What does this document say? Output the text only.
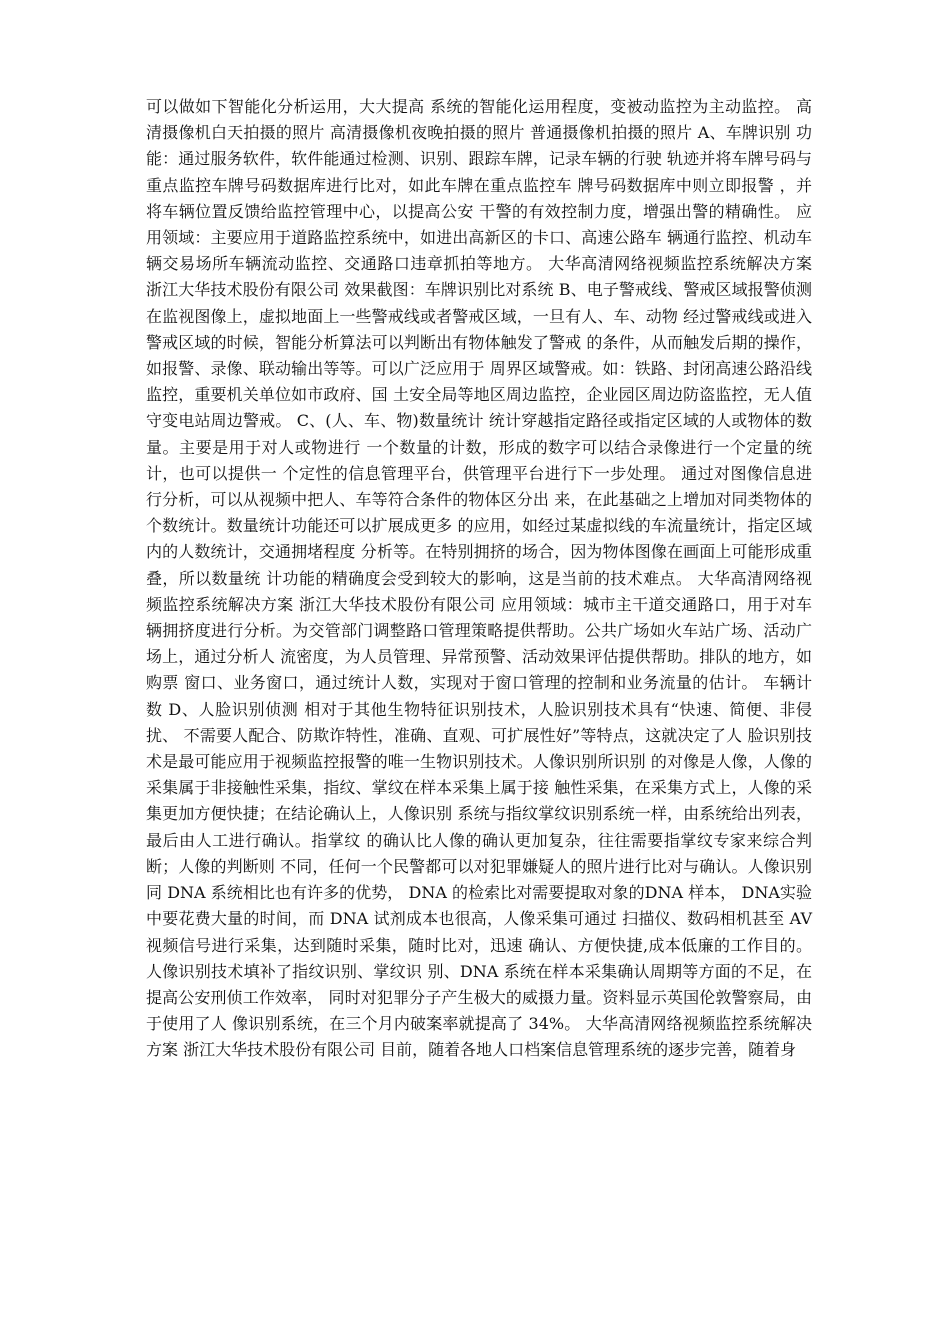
可以做如下智能化分析运用，大大提高 系统的智能化运用程度，变被动监控为主动监控。 高清摄像机白天拍摄的照片 高清摄像机夜晚拍摄的照片 普通摄像机拍摄的照片 A、车牌识别 功能：通过服务软件，软件能通过检测、识别、跟踪车牌，记录车辆的行驶 轨迹并将车牌号码与重点监控车牌号码数据库进行比对，如此车牌在重点监控车 牌号码数据库中则立即报警 ，并将车辆位置反馈给监控管理中心，以提高公安 干警的有效控制力度，增强出警的精确性。 应用领域：主要应用于道路监控系统中，如进出高新区的卡口、高速公路车 辆通行监控、机动车辆交易场所车辆流动监控、交通路口违章抓拍等地方。 大华高清网络视频监控系统解决方案 浙江大华技术股份有限公司 效果截图：车牌识别比对系统 B、电子警戒线、警戒区域报警侦测 在监视图像上，虚拟地面上一些警戒线或者警戒区域，一旦有人、车、动物 经过警戒线或进入警戒区域的时候，智能分析算法可以判断出有物体触发了警戒 的条件，从而触发后期的操作，如报警、录像、联动输出等等。可以广泛应用于 周界区域警戒。如：铁路、封闭高速公路沿线监控，重要机关单位如市政府、国 土安全局等地区周边监控，企业园区周边防盗监控，无人值守变电站周边警戒。 C、(人、车、物)数量统计 统计穿越指定路径或指定区域的人或物体的数量。主要是用于对人或物进行 一个数量的计数，形成的数字可以结合录像进行一个定量的统计，也可以提供一 个定性的信息管理平台，供管理平台进行下一步处理。 通过对图像信息进行分析，可以从视频中把人、车等符合条件的物体区分出 来，在此基础之上增加对同类物体的个数统计。数量统计功能还可以扩展成更多 的应用，如经过某虚拟线的车流量统计，指定区域内的人数统计，交通拥堵程度 分析等。在特别拥挤的场合，因为物体图像在画面上可能形成重叠，所以数量统 计功能的精确度会受到较大的影响，这是当前的技术难点。 大华高清网络视频监控系统解决方案 浙江大华技术股份有限公司 应用领域：城市主干道交通路口，用于对车辆拥挤度进行分析。为交管部门调整路口管理策略提供帮助。公共广场如火车站广场、活动广场上，通过分析人 流密度，为人员管理、异常预警、活动效果评估提供帮助。排队的地方，如购票 窗口、业务窗口，通过统计人数，实现对于窗口管理的控制和业务流量的估计。 车辆计数 D、人脸识别侦测 相对于其他生物特征识别技术，人脸识别技术具有“快速、简便、非侵扰、 不需要人配合、防欺诈特性，准确、直观、可扩展性好”等特点，这就决定了人 脸识别技术是最可能应用于视频监控报警的唯一生物识别技术。人像识别所识别 的对像是人像，人像的采集属于非接触性采集，指纹、掌纹在样本采集上属于接 触性采集，在采集方式上，人像的采集更加方便快捷；在结论确认上，人像识别 系统与指纹掌纹识别系统一样，由系统给出列表，最后由人工进行确认。指掌纹 的确认比人像的确认更加复杂，往往需要指掌纹专家来综合判断；人像的判断则 不同，任何一个民警都可以对犯罪嫌疑人的照片进行比对与确认。人像识别同 DNA 系统相比也有许多的优势， DNA 的检索比对需要提取对象的DNA 样本， DNA实验中要花费大量的时间，而 DNA 试剂成本也很高，人像采集可通过 扫描仪、数码相机甚至 AV 视频信号进行采集，达到随时采集，随时比对，迅速 确认、方便快捷,成本低廉的工作目的。人像识别技术填补了指纹识别、掌纹识 别、DNA 系统在样本采集确认周期等方面的不足，在提高公安刑侦工作效率， 同时对犯罪分子产生极大的威摄力量。资料显示英国伦敦警察局，由于使用了人 像识别系统，在三个月内破案率就提高了 34%。 大华高清网络视频监控系统解决方案 浙江大华技术股份有限公司 目前，随着各地人口档案信息管理系统的逐步完善，随着身
